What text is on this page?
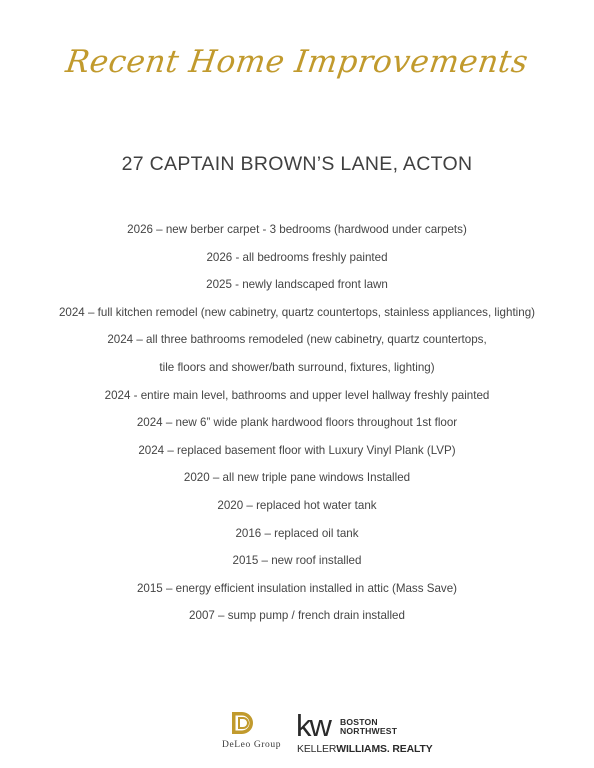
Recent Home Improvements
27 CAPTAIN BROWN’S LANE, ACTON
2026 – new berber carpet - 3 bedrooms (hardwood under carpets)
2026 - all bedrooms freshly painted
2025 - newly landscaped front lawn
2024 – full kitchen remodel (new cabinetry, quartz countertops, stainless appliances, lighting)
2024 – all three bathrooms remodeled (new cabinetry, quartz countertops,
tile floors and shower/bath surround, fixtures, lighting)
2024 - entire main level, bathrooms and upper level hallway freshly painted
2024 – new 6” wide plank hardwood floors throughout 1st floor
2024 – replaced basement floor with Luxury Vinyl Plank (LVP)
2020 – all new triple pane windows Installed
2020 – replaced hot water tank
2016 – replaced oil tank
2015 – new roof installed
2015 – energy efficient insulation installed in attic (Mass Save)
2007 – sump pump / french drain installed
DeLeo Group
kw	BOSTON
NORTHWEST
KELLERWILLIAMS. REALTY
